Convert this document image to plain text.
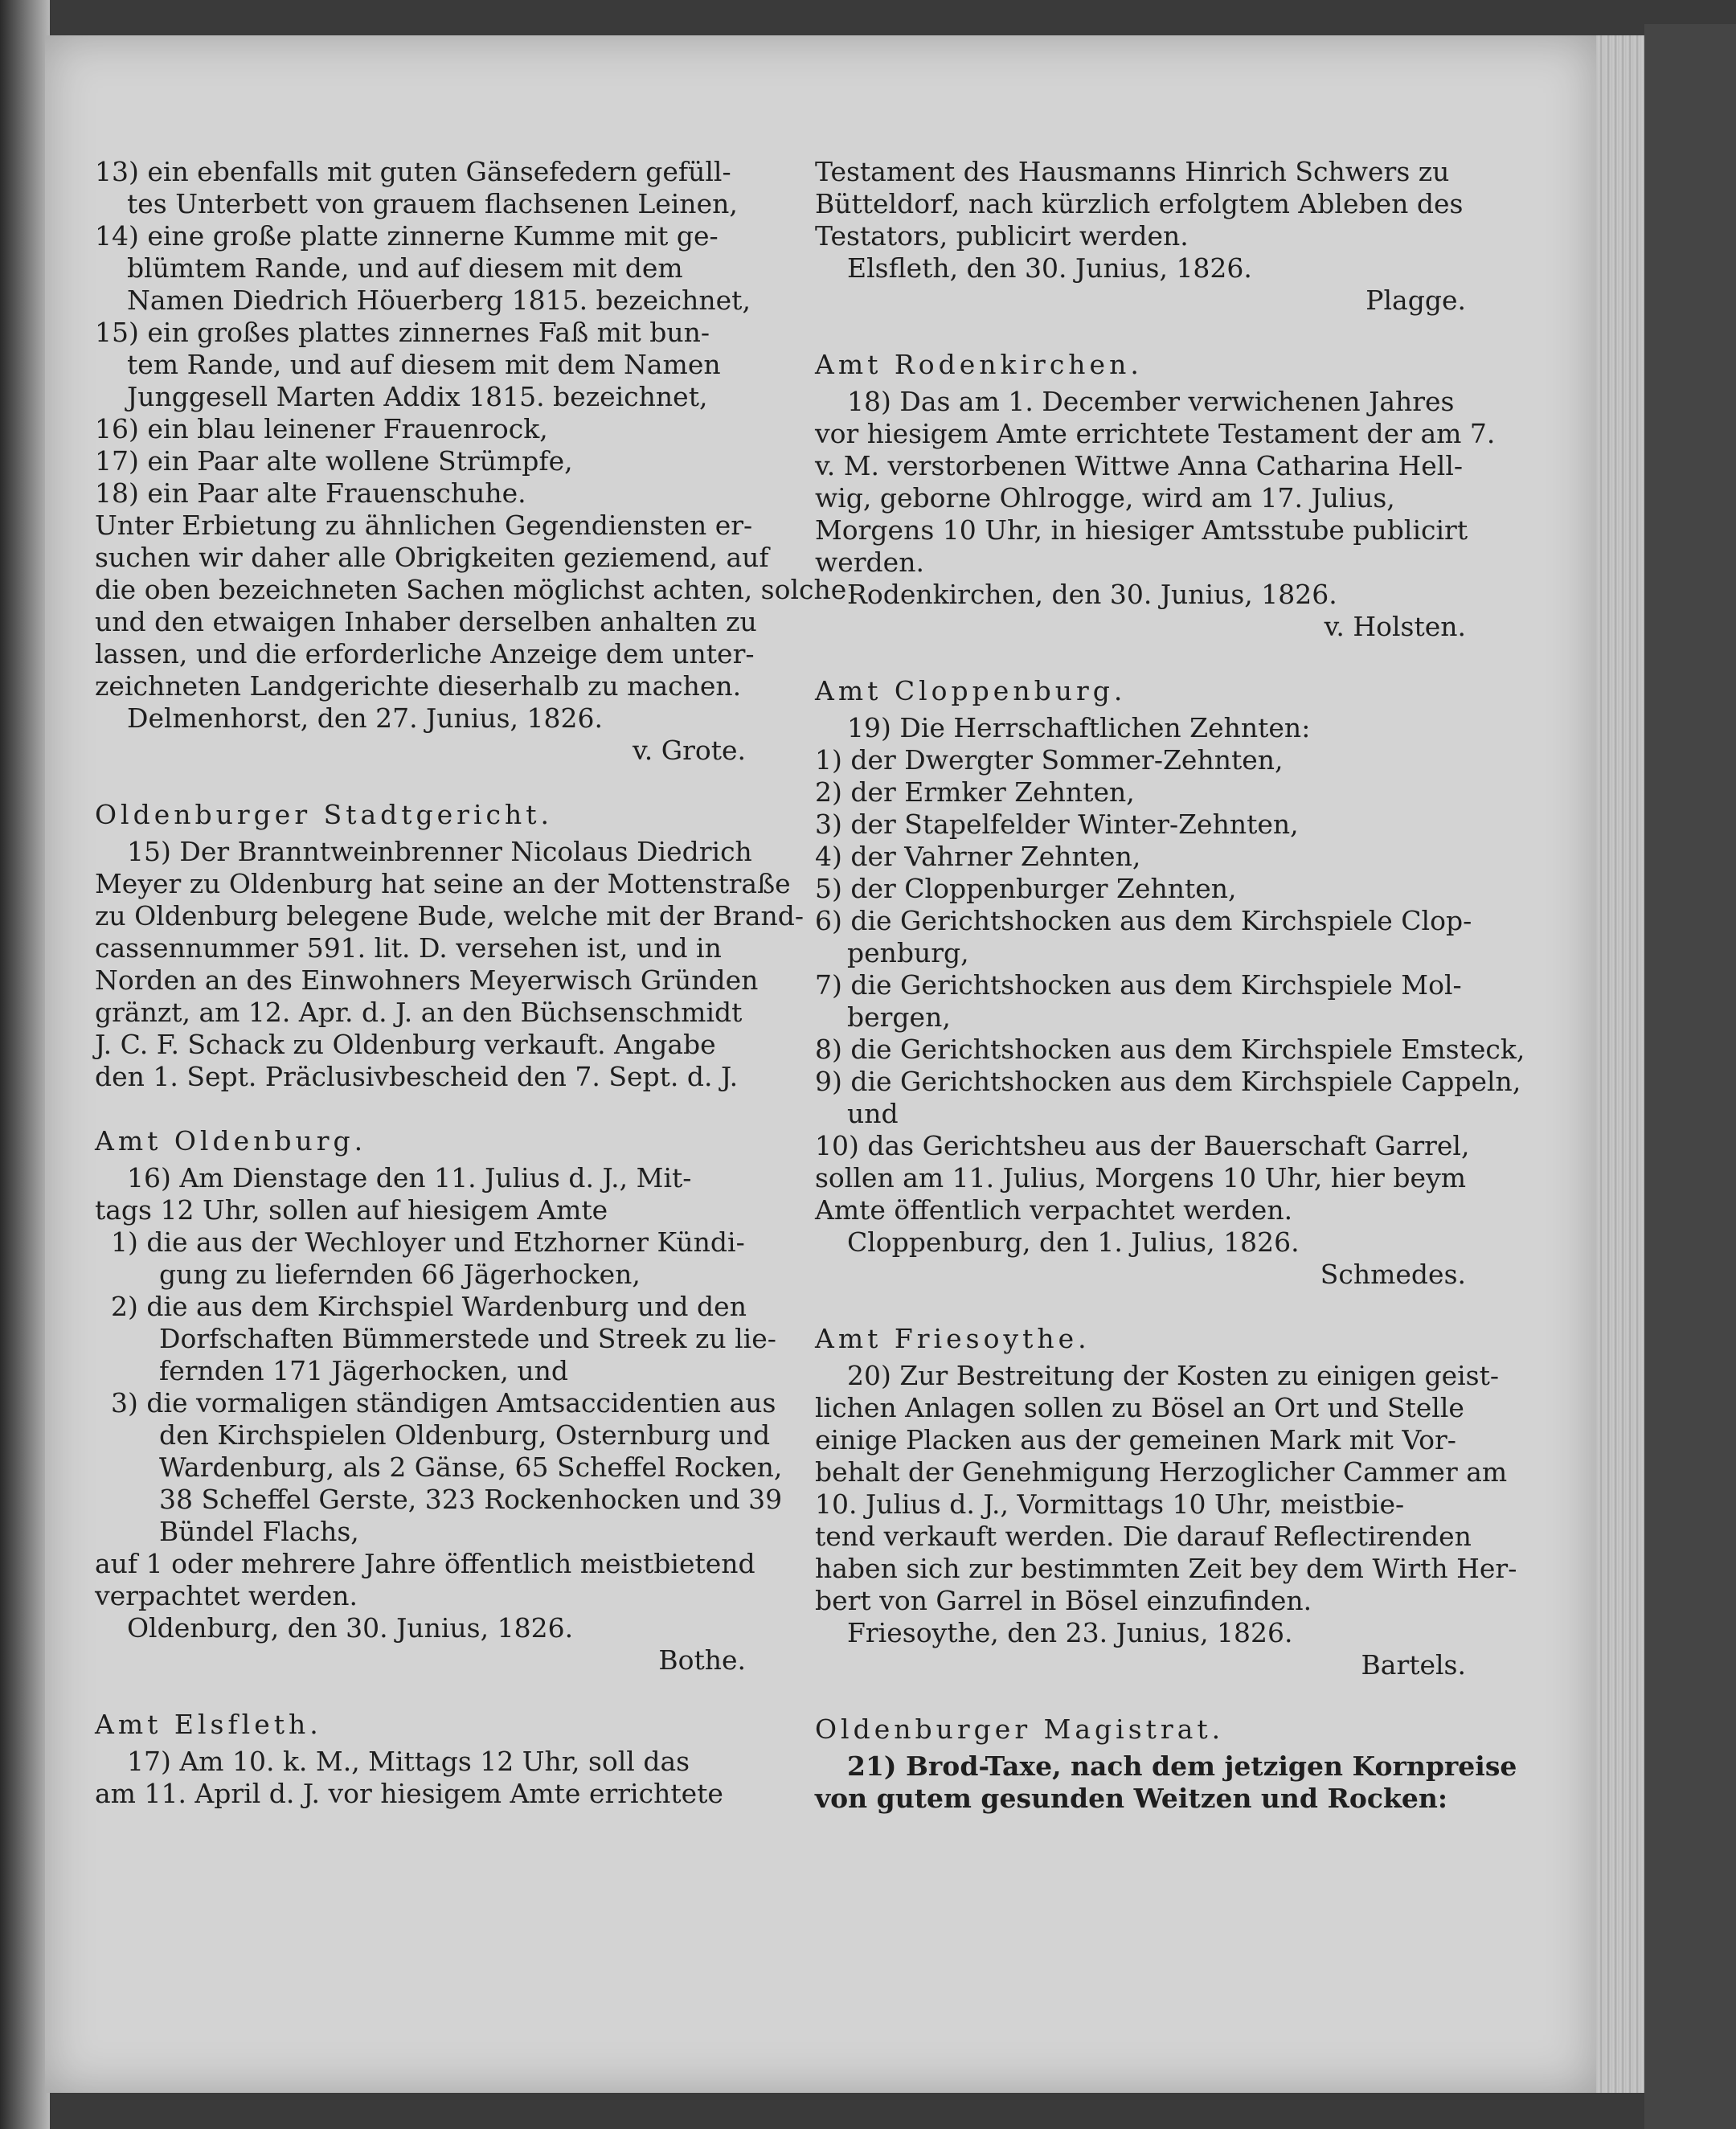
13) ein ebenfalls mit guten Gänsefedern gefüll-
tes Unterbett von grauem flachsenen Leinen,
14) eine große platte zinnerne Kumme mit ge-
blümtem Rande, und auf diesem mit dem
Namen Diedrich Höuerberg 1815. bezeichnet,
15) ein großes plattes zinnernes Faß mit bun-
tem Rande, und auf diesem mit dem Namen
Junggesell Marten Addix 1815. bezeichnet,
16) ein blau leinener Frauenrock,
17) ein Paar alte wollene Strümpfe,
18) ein Paar alte Frauenschuhe.
Unter Erbietung zu ähnlichen Gegendiensten er-
suchen wir daher alle Obrigkeiten geziemend, auf
die oben bezeichneten Sachen möglichst achten, solche
und den etwaigen Inhaber derselben anhalten zu
lassen, und die erforderliche Anzeige dem unter-
zeichneten Landgerichte dieserhalb zu machen.
Delmenhorst, den 27. Junius, 1826.
v. Grote.
Oldenburger Stadtgericht.
15) Der Branntweinbrenner Nicolaus Diedrich
Meyer zu Oldenburg hat seine an der Mottenstraße
zu Oldenburg belegene Bude, welche mit der Brand-
cassennummer 591. lit. D. versehen ist, und in
Norden an des Einwohners Meyerwisch Gründen
gränzt, am 12. Apr. d. J. an den Büchsenschmidt
J. C. F. Schack zu Oldenburg verkauft. Angabe
den 1. Sept. Präclusivbescheid den 7. Sept. d. J.
Amt Oldenburg.
16) Am Dienstage den 11. Julius d. J., Mit-
tags 12 Uhr, sollen auf hiesigem Amte
1) die aus der Wechloyer und Etzhorner Kündi-
gung zu liefernden 66 Jägerhocken,
2) die aus dem Kirchspiel Wardenburg und den
Dorfschaften Bümmerstede und Streek zu lie-
fernden 171 Jägerhocken, und
3) die vormaligen ständigen Amtsaccidentien aus
den Kirchspielen Oldenburg, Osternburg und
Wardenburg, als 2 Gänse, 65 Scheffel Rocken,
38 Scheffel Gerste, 323 Rockenhocken und 39
Bündel Flachs,
auf 1 oder mehrere Jahre öffentlich meistbietend
verpachtet werden.
Oldenburg, den 30. Junius, 1826.
Bothe.
Amt Elsfleth.
17) Am 10. k. M., Mittags 12 Uhr, soll das
am 11. April d. J. vor hiesigem Amte errichtete
Testament des Hausmanns Hinrich Schwers zu
Bütteldorf, nach kürzlich erfolgtem Ableben des
Testators, publicirt werden.
Elsfleth, den 30. Junius, 1826.
Plagge.
Amt Rodenkirchen.
18) Das am 1. December verwichenen Jahres
vor hiesigem Amte errichtete Testament der am 7.
v. M. verstorbenen Wittwe Anna Catharina Hell-
wig, geborne Ohlrogge, wird am 17. Julius,
Morgens 10 Uhr, in hiesiger Amtsstube publicirt
werden.
Rodenkirchen, den 30. Junius, 1826.
v. Holsten.
Amt Cloppenburg.
19) Die Herrschaftlichen Zehnten:
1) der Dwergter Sommer-Zehnten,
2) der Ermker Zehnten,
3) der Stapelfelder Winter-Zehnten,
4) der Vahrner Zehnten,
5) der Cloppenburger Zehnten,
6) die Gerichtshocken aus dem Kirchspiele Clop-
penburg,
7) die Gerichtshocken aus dem Kirchspiele Mol-
bergen,
8) die Gerichtshocken aus dem Kirchspiele Emsteck,
9) die Gerichtshocken aus dem Kirchspiele Cappeln,
und
10) das Gerichtsheu aus der Bauerschaft Garrel,
sollen am 11. Julius, Morgens 10 Uhr, hier beym
Amte öffentlich verpachtet werden.
Cloppenburg, den 1. Julius, 1826.
Schmedes.
Amt Friesoythe.
20) Zur Bestreitung der Kosten zu einigen geist-
lichen Anlagen sollen zu Bösel an Ort und Stelle
einige Placken aus der gemeinen Mark mit Vor-
behalt der Genehmigung Herzoglicher Cammer am
10. Julius d. J., Vormittags 10 Uhr, meistbie-
tend verkauft werden. Die darauf Reflectirenden
haben sich zur bestimmten Zeit bey dem Wirth Her-
bert von Garrel in Bösel einzufinden.
Friesoythe, den 23. Junius, 1826.
Bartels.
Oldenburger Magistrat.
21) Brod-Taxe, nach dem jetzigen Kornpreise
von gutem gesunden Weitzen und Rocken:
